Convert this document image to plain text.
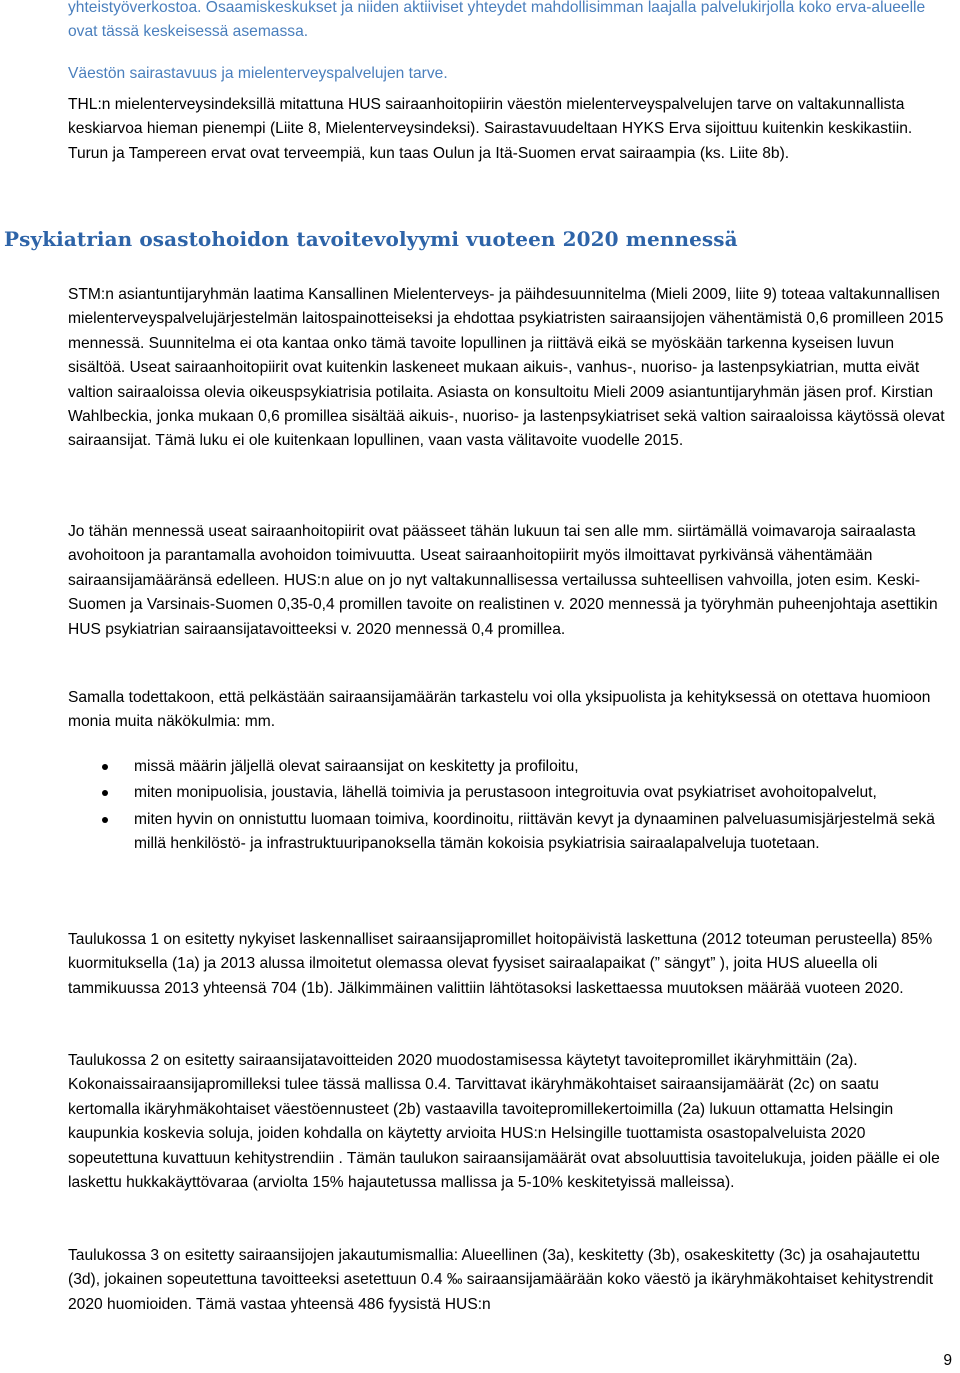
yhteistyöverkostoa. Osaamiskeskukset ja niiden aktiiviset yhteydet mahdollisimman laajalla palvelukirjolla koko erva-alueelle ovat tässä keskeisessä asemassa.

Väestön sairastavuus ja mielenterveyspalvelujen tarve.

THL:n mielenterveysindeksillä mitattuna HUS sairaanhoitopiirin väestön mielenterveyspalvelujen tarve on valtakunnallista keskiarvoa hieman pienempi (Liite 8, Mielenterveysindeksi). Sairastavuudeltaan HYKS Erva sijoittuu kuitenkin keskikastiin. Turun ja Tampereen ervat ovat terveempiä, kun taas Oulun ja Itä-Suomen ervat sairaampia (ks. Liite 8b).

Psykiatrian osastohoidon tavoitevolyymi vuoteen 2020 mennessä

STM:n asiantuntijaryhmän laatima Kansallinen Mielenterveys- ja päihdesuunnitelma (Mieli 2009, liite 9) toteaa valtakunnallisen mielenterveyspalvelujärjestelmän laitospainotteiseksi ja ehdottaa psykiatristen sairaansijojen vähentämistä 0,6 promilleen 2015 mennessä. Suunnitelma ei ota kantaa onko tämä tavoite lopullinen ja riittävä eikä se myöskään tarkenna kyseisen luvun sisältöä. Useat sairaanhoitopiirit ovat kuitenkin laskeneet mukaan aikuis-, vanhus-, nuoriso- ja lastenpsykiatrian, mutta eivät valtion sairaaloissa olevia oikeuspsykiatrisia potilaita. Asiasta on konsultoitu Mieli 2009 asiantuntijaryhmän jäsen prof. Kirstian Wahlbeckia, jonka mukaan 0,6 promillea sisältää aikuis-, nuoriso- ja lastenpsykiatriset sekä valtion sairaaloissa käytössä olevat sairaansijat. Tämä luku ei ole kuitenkaan lopullinen, vaan vasta välitavoite vuodelle 2015.

Jo tähän mennessä useat sairaanhoitopiirit ovat päässeet tähän lukuun tai sen alle mm. siirtämällä voimavaroja sairaalasta avohoitoon ja parantamalla avohoidon toimivuutta. Useat sairaanhoitopiirit myös ilmoittavat pyrkivänsä vähentämään sairaansijamääränsä edelleen. HUS:n alue on jo nyt valtakunnallisessa vertailussa suhteellisen vahvoilla, joten esim. Keski-Suomen ja Varsinais-Suomen 0,35-0,4 promillen tavoite on realistinen v. 2020 mennessä ja työryhmän puheenjohtaja asettikin HUS psykiatrian sairaansijatavoitteeksi v. 2020 mennessä 0,4 promillea.

Samalla todettakoon, että pelkästään sairaansijamäärän tarkastelu voi olla yksipuolista ja kehityksessä on otettava huomioon monia muita näkökulmia: mm.

missä määrin jäljellä olevat sairaansijat on keskitetty ja profiloitu,
miten monipuolisia, joustavia, lähellä toimivia ja perustasoon integroituvia ovat psykiatriset avohoitopalvelut,
miten hyvin on onnistuttu luomaan toimiva, koordinoitu, riittävän kevyt ja dynaaminen palveluasumisjärjestelmä sekä millä henkilöstö- ja infrastruktuuripanoksella tämän kokoisia psykiatrisia sairaalapalveluja tuotetaan.

Taulukossa 1 on esitetty nykyiset laskennalliset sairaansijapromillet hoitopäivistä laskettuna (2012 toteuman perusteella) 85% kuormituksella (1a) ja 2013 alussa ilmoitetut olemassa olevat fyysiset sairaalapaikat (” sängyt” ), joita HUS alueella oli tammikuussa 2013 yhteensä 704 (1b). Jälkimmäinen valittiin lähtötasoksi laskettaessa muutoksen määrää vuoteen 2020.

Taulukossa 2 on esitetty sairaansijatavoitteiden 2020 muodostamisessa käytetyt tavoitepromillet ikäryhmittäin (2a). Kokonaissairaansijapromilleksi tulee tässä mallissa 0.4. Tarvittavat ikäryhmäkohtaiset sairaansijamäärät (2c) on saatu kertomalla ikäryhmäkohtaiset väestöennusteet (2b) vastaavilla tavoitepromillekertoimilla (2a) lukuun ottamatta Helsingin kaupunkia koskevia soluja, joiden kohdalla on käytetty arvioita HUS:n Helsingille tuottamista osastopalveluista 2020 sopeutettuna kuvattuun kehitystrendiin . Tämän taulukon sairaansijamäärät ovat absoluuttisia tavoitelukuja, joiden päälle ei ole laskettu hukkakäyttövaraa (arviolta 15% hajautetussa mallissa ja 5-10% keskitetyissä malleissa).

Taulukossa 3 on esitetty sairaansijojen jakautumismallia: Alueellinen (3a), keskitetty (3b), osakeskitetty (3c) ja osahajautettu (3d), jokainen sopeutettuna tavoitteeksi asetettuun 0.4 ‰ sairaansijamäärään koko väestö ja ikäryhmäkohtaiset kehitystrendit 2020 huomioiden. Tämä vastaa yhteensä 486 fyysistä HUS:n

9
